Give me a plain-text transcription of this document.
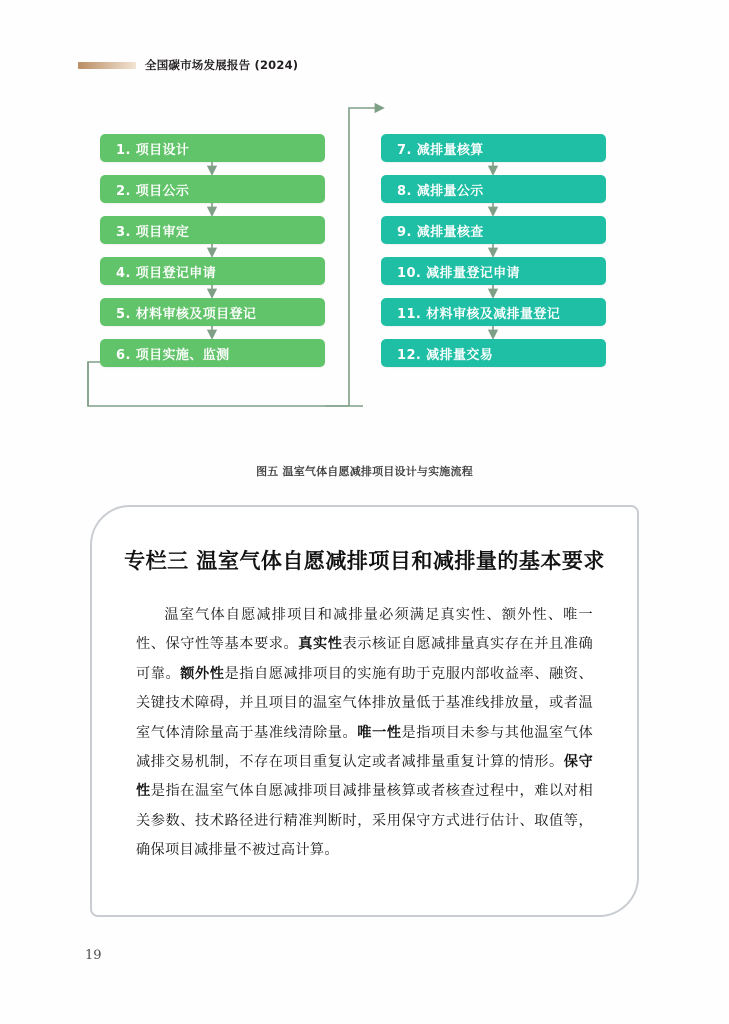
全国碳市场发展报告 (2024)
1. 项目设计
2. 项目公示
3. 项目审定
4. 项目登记申请
5. 材料审核及项目登记
6. 项目实施、监测
7. 减排量核算
8. 减排量公示
9. 减排量核查
10. 减排量登记申请
11. 材料审核及减排量登记
12. 减排量交易
图五 温室气体自愿减排项目设计与实施流程
专栏三 温室气体自愿减排项目和减排量的基本要求
温室气体自愿减排项目和减排量必须满足真实性、额外性、唯一性、保守性等基本要求。真实性表示核证自愿减排量真实存在并且准确可靠。额外性是指自愿减排项目的实施有助于克服内部收益率、融资、关键技术障碍，并且项目的温室气体排放量低于基准线排放量，或者温室气体清除量高于基准线清除量。唯一性是指项目未参与其他温室气体减排交易机制，不存在项目重复认定或者减排量重复计算的情形。保守性是指在温室气体自愿减排项目减排量核算或者核查过程中，难以对相关参数、技术路径进行精准判断时，采用保守方式进行估计、取值等，确保项目减排量不被过高计算。
19
